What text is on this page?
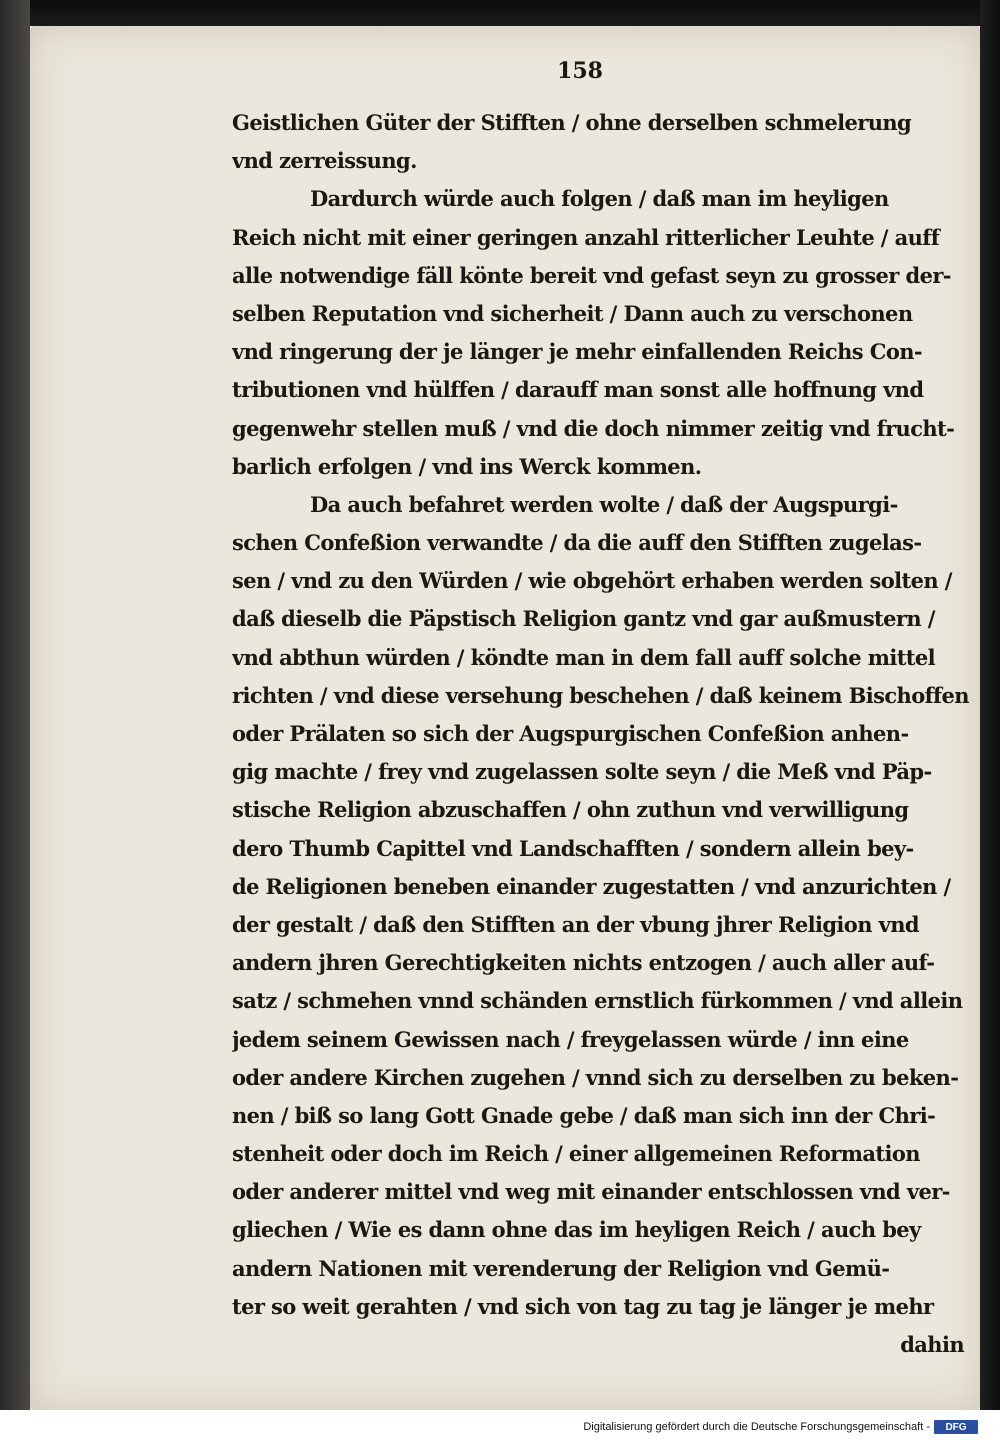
158
Geistlichen Güter der Stifften / ohne derselben schmelerung
vnd zerreissung.
Dardurch würde auch folgen / daß man im heyligen
Reich nicht mit einer geringen anzahl ritterlicher Leuhte / auff
alle notwendige fäll könte bereit vnd gefast seyn zu grosser der-
selben Reputation vnd sicherheit / Dann auch zu verschonen
vnd ringerung der je länger je mehr einfallenden Reichs Con-
tributionen vnd hülffen / darauff man sonst alle hoffnung vnd
gegenwehr stellen muß / vnd die doch nimmer zeitig vnd frucht-
barlich erfolgen / vnd ins Werck kommen.
Da auch befahret werden wolte / daß der Augspurgi-
schen Confeßion verwandte / da die auff den Stifften zugelas-
sen / vnd zu den Würden / wie obgehört erhaben werden solten /
daß dieselb die Päpstisch Religion gantz vnd gar außmustern /
vnd abthun würden / köndte man in dem fall auff solche mittel
richten / vnd diese versehung beschehen / daß keinem Bischoffen
oder Prälaten so sich der Augspurgischen Confeßion anhen-
gig machte / frey vnd zugelassen solte seyn / die Meß vnd Päp-
stische Religion abzuschaffen / ohn zuthun vnd verwilligung
dero Thumb Capittel vnd Landschafften / sondern allein bey-
de Religionen beneben einander zugestatten / vnd anzurichten /
der gestalt / daß den Stifften an der vbung jhrer Religion vnd
andern jhren Gerechtigkeiten nichts entzogen / auch aller auf-
satz / schmehen vnnd schänden ernstlich fürkommen / vnd allein
jedem seinem Gewissen nach / freygelassen würde / inn eine
oder andere Kirchen zugehen / vnnd sich zu derselben zu beken-
nen / biß so lang Gott Gnade gebe / daß man sich inn der Chri-
stenheit oder doch im Reich / einer allgemeinen Reformation
oder anderer mittel vnd weg mit einander entschlossen vnd ver-
gliechen / Wie es dann ohne das im heyligen Reich / auch bey
andern Nationen mit verenderung der Religion vnd Gemü-
ter so weit gerahten / vnd sich von tag zu tag je länger je mehr
dahin
Digitalisierung gefördert durch die Deutsche Forschungsgemeinschaft -	DFG
